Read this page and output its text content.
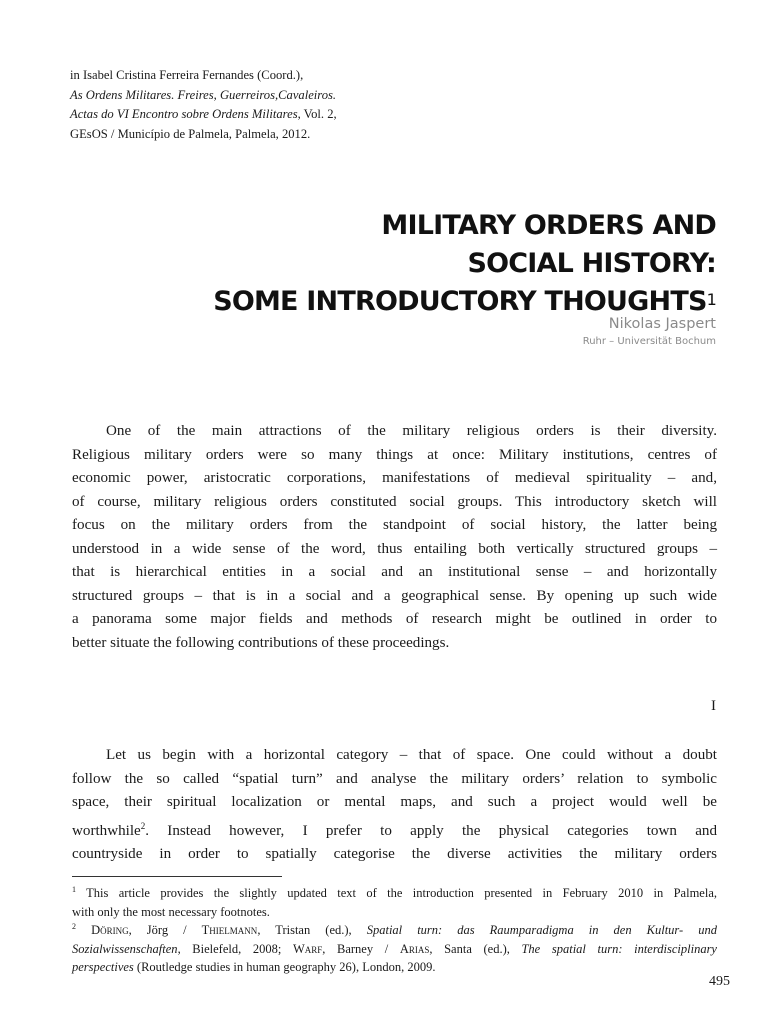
in Isabel Cristina Ferreira Fernandes (Coord.),
As Ordens Militares. Freires, Guerreiros,Cavaleiros.
Actas do VI Encontro sobre Ordens Militares, Vol. 2,
GEsOS / Município de Palmela, Palmela, 2012.
MILITARY ORDERS AND
SOCIAL HISTORY:
SOME INTRODUCTORY THOUGHTS$^1$
Nikolas Jaspert
Ruhr – Universität Bochum
One of the main attractions of the military religious orders is their diversity.
Religious military orders were so many things at once: Military institutions, centres of
economic power, aristocratic corporations, manifestations of medieval spirituality – and,
of course, military religious orders constituted social groups. This introductory sketch will
focus on the military orders from the standpoint of social history, the latter being
understood in a wide sense of the word, thus entailing both vertically structured groups –
that is hierarchical entities in a social and an institutional sense – and horizontally
structured groups – that is in a social and a geographical sense. By opening up such wide
a panorama some major fields and methods of research might be outlined in order to
better situate the following contributions of these proceedings.
I
Let us begin with a horizontal category – that of space. One could without a doubt
follow the so called “spatial turn” and analyse the military orders’ relation to symbolic
space, their spiritual localization or mental maps, and such a project would well be
worthwhile$^2$. Instead however, I prefer to apply the physical categories town and
countryside in order to spatially categorise the diverse activities the military orders
$^1$ This article provides the slightly updated text of the introduction presented in February 2010 in Palmela,
with only the most necessary footnotes.
$^2$ Döring, Jörg / Thielmann, Tristan (ed.), Spatial turn: das Raumparadigma in den Kultur- und
Sozialwissenschaften, Bielefeld, 2008; Warf, Barney / Arias, Santa (ed.), The spatial turn: interdisciplinary
perspectives (Routledge studies in human geography 26), London, 2009.
495
